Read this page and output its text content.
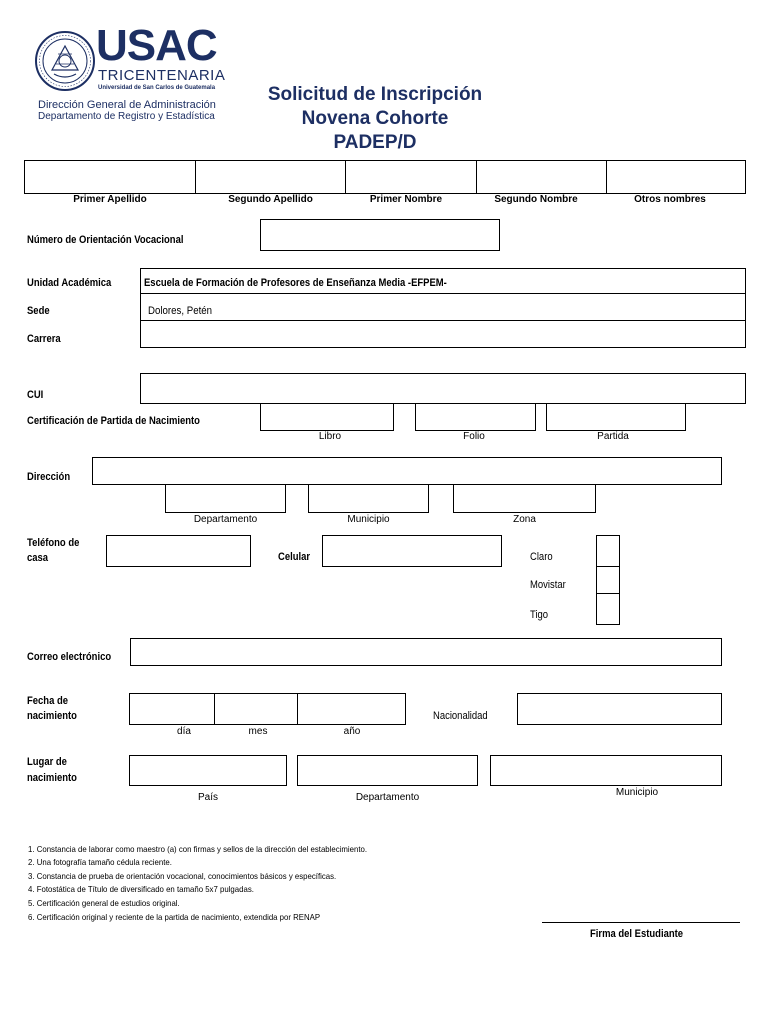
USAC
TRICENTENARIA
Universidad de San Carlos de Guatemala
Dirección General de Administración
Departamento de Registro y Estadística
Solicitud de Inscripción
Novena Cohorte
PADEP/D
Primer Apellido	Segundo Apellido	Primer Nombre	Segundo Nombre	Otros nombres
Número de Orientación Vocacional
Unidad Académica	Escuela de Formación de Profesores de Enseñanza Media -EFPEM-
Sede	Dolores, Petén
Carrera
CUI
Certificación de Partida de Nacimiento
Libro	Folio	Partida
Dirección
Departamento	Municipio	Zona
Teléfono de
casa	Celular	Claro
Movistar
Tigo
Correo electrónico
Fecha de
nacimiento
día	mes	año
Nacionalidad
Lugar de
nacimiento
País	Departamento	Municipio
1. Constancia de laborar como maestro (a) con firmas y sellos de la dirección del establecimiento.
2. Una fotografía tamaño cédula reciente.
3. Constancia de prueba de orientación vocacional, conocimientos básicos y específicas.
4. Fotostática de Título de diversificado en tamaño 5x7 pulgadas.
5. Certificación general de estudios original.
6. Certificación original y reciente de la partida de nacimiento, extendida por RENAP
Firma del Estudiante
